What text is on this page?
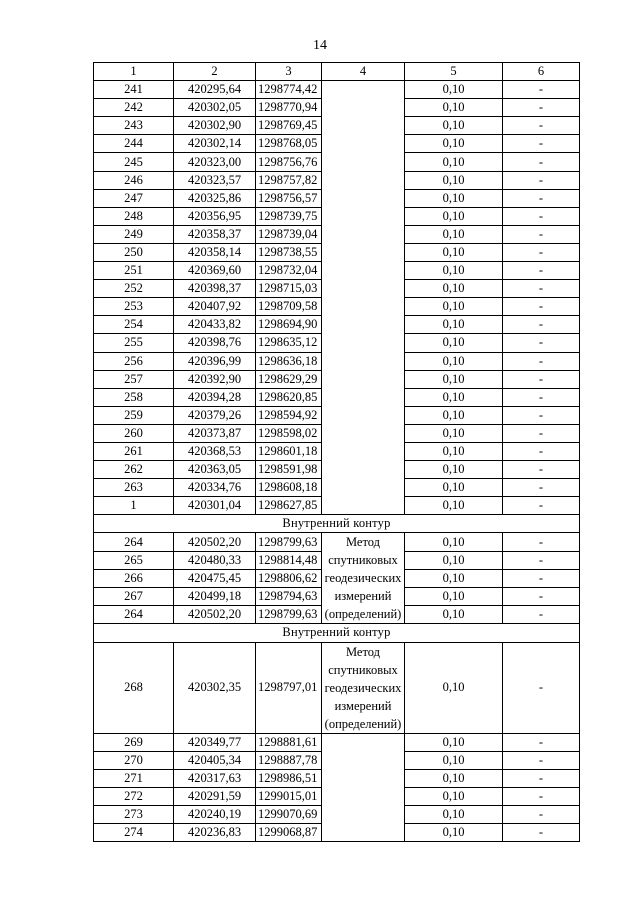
14
1	2	3	4	5	6
241	420295,64	1298774,42		0,10	-
242	420302,05	1298770,94		0,10	-
243	420302,90	1298769,45		0,10	-
244	420302,14	1298768,05		0,10	-
245	420323,00	1298756,76		0,10	-
246	420323,57	1298757,82		0,10	-
247	420325,86	1298756,57		0,10	-
248	420356,95	1298739,75		0,10	-
249	420358,37	1298739,04		0,10	-
250	420358,14	1298738,55		0,10	-
251	420369,60	1298732,04		0,10	-
252	420398,37	1298715,03		0,10	-
253	420407,92	1298709,58		0,10	-
254	420433,82	1298694,90		0,10	-
255	420398,76	1298635,12		0,10	-
256	420396,99	1298636,18		0,10	-
257	420392,90	1298629,29		0,10	-
258	420394,28	1298620,85		0,10	-
259	420379,26	1298594,92		0,10	-
260	420373,87	1298598,02		0,10	-
261	420368,53	1298601,18		0,10	-
262	420363,05	1298591,98		0,10	-
263	420334,76	1298608,18		0,10	-
1	420301,04	1298627,85		0,10	-
Внутренний контур					
264	420502,20	1298799,63	Метод
спутниковых
геодезических
измерений
(определений)	0,10	-
265	420480,33	1298814,48		0,10	-
266	420475,45	1298806,62		0,10	-
267	420499,18	1298794,63		0,10	-
264	420502,20	1298799,63		0,10	-
Внутренний контур					
268	420302,35	1298797,01	Метод
спутниковых
геодезических
измерений
(определений)	0,10	-
269	420349,77	1298881,61		0,10	-
270	420405,34	1298887,78		0,10	-
271	420317,63	1298986,51		0,10	-
272	420291,59	1299015,01		0,10	-
273	420240,19	1299070,69		0,10	-
274	420236,83	1299068,87		0,10	-
